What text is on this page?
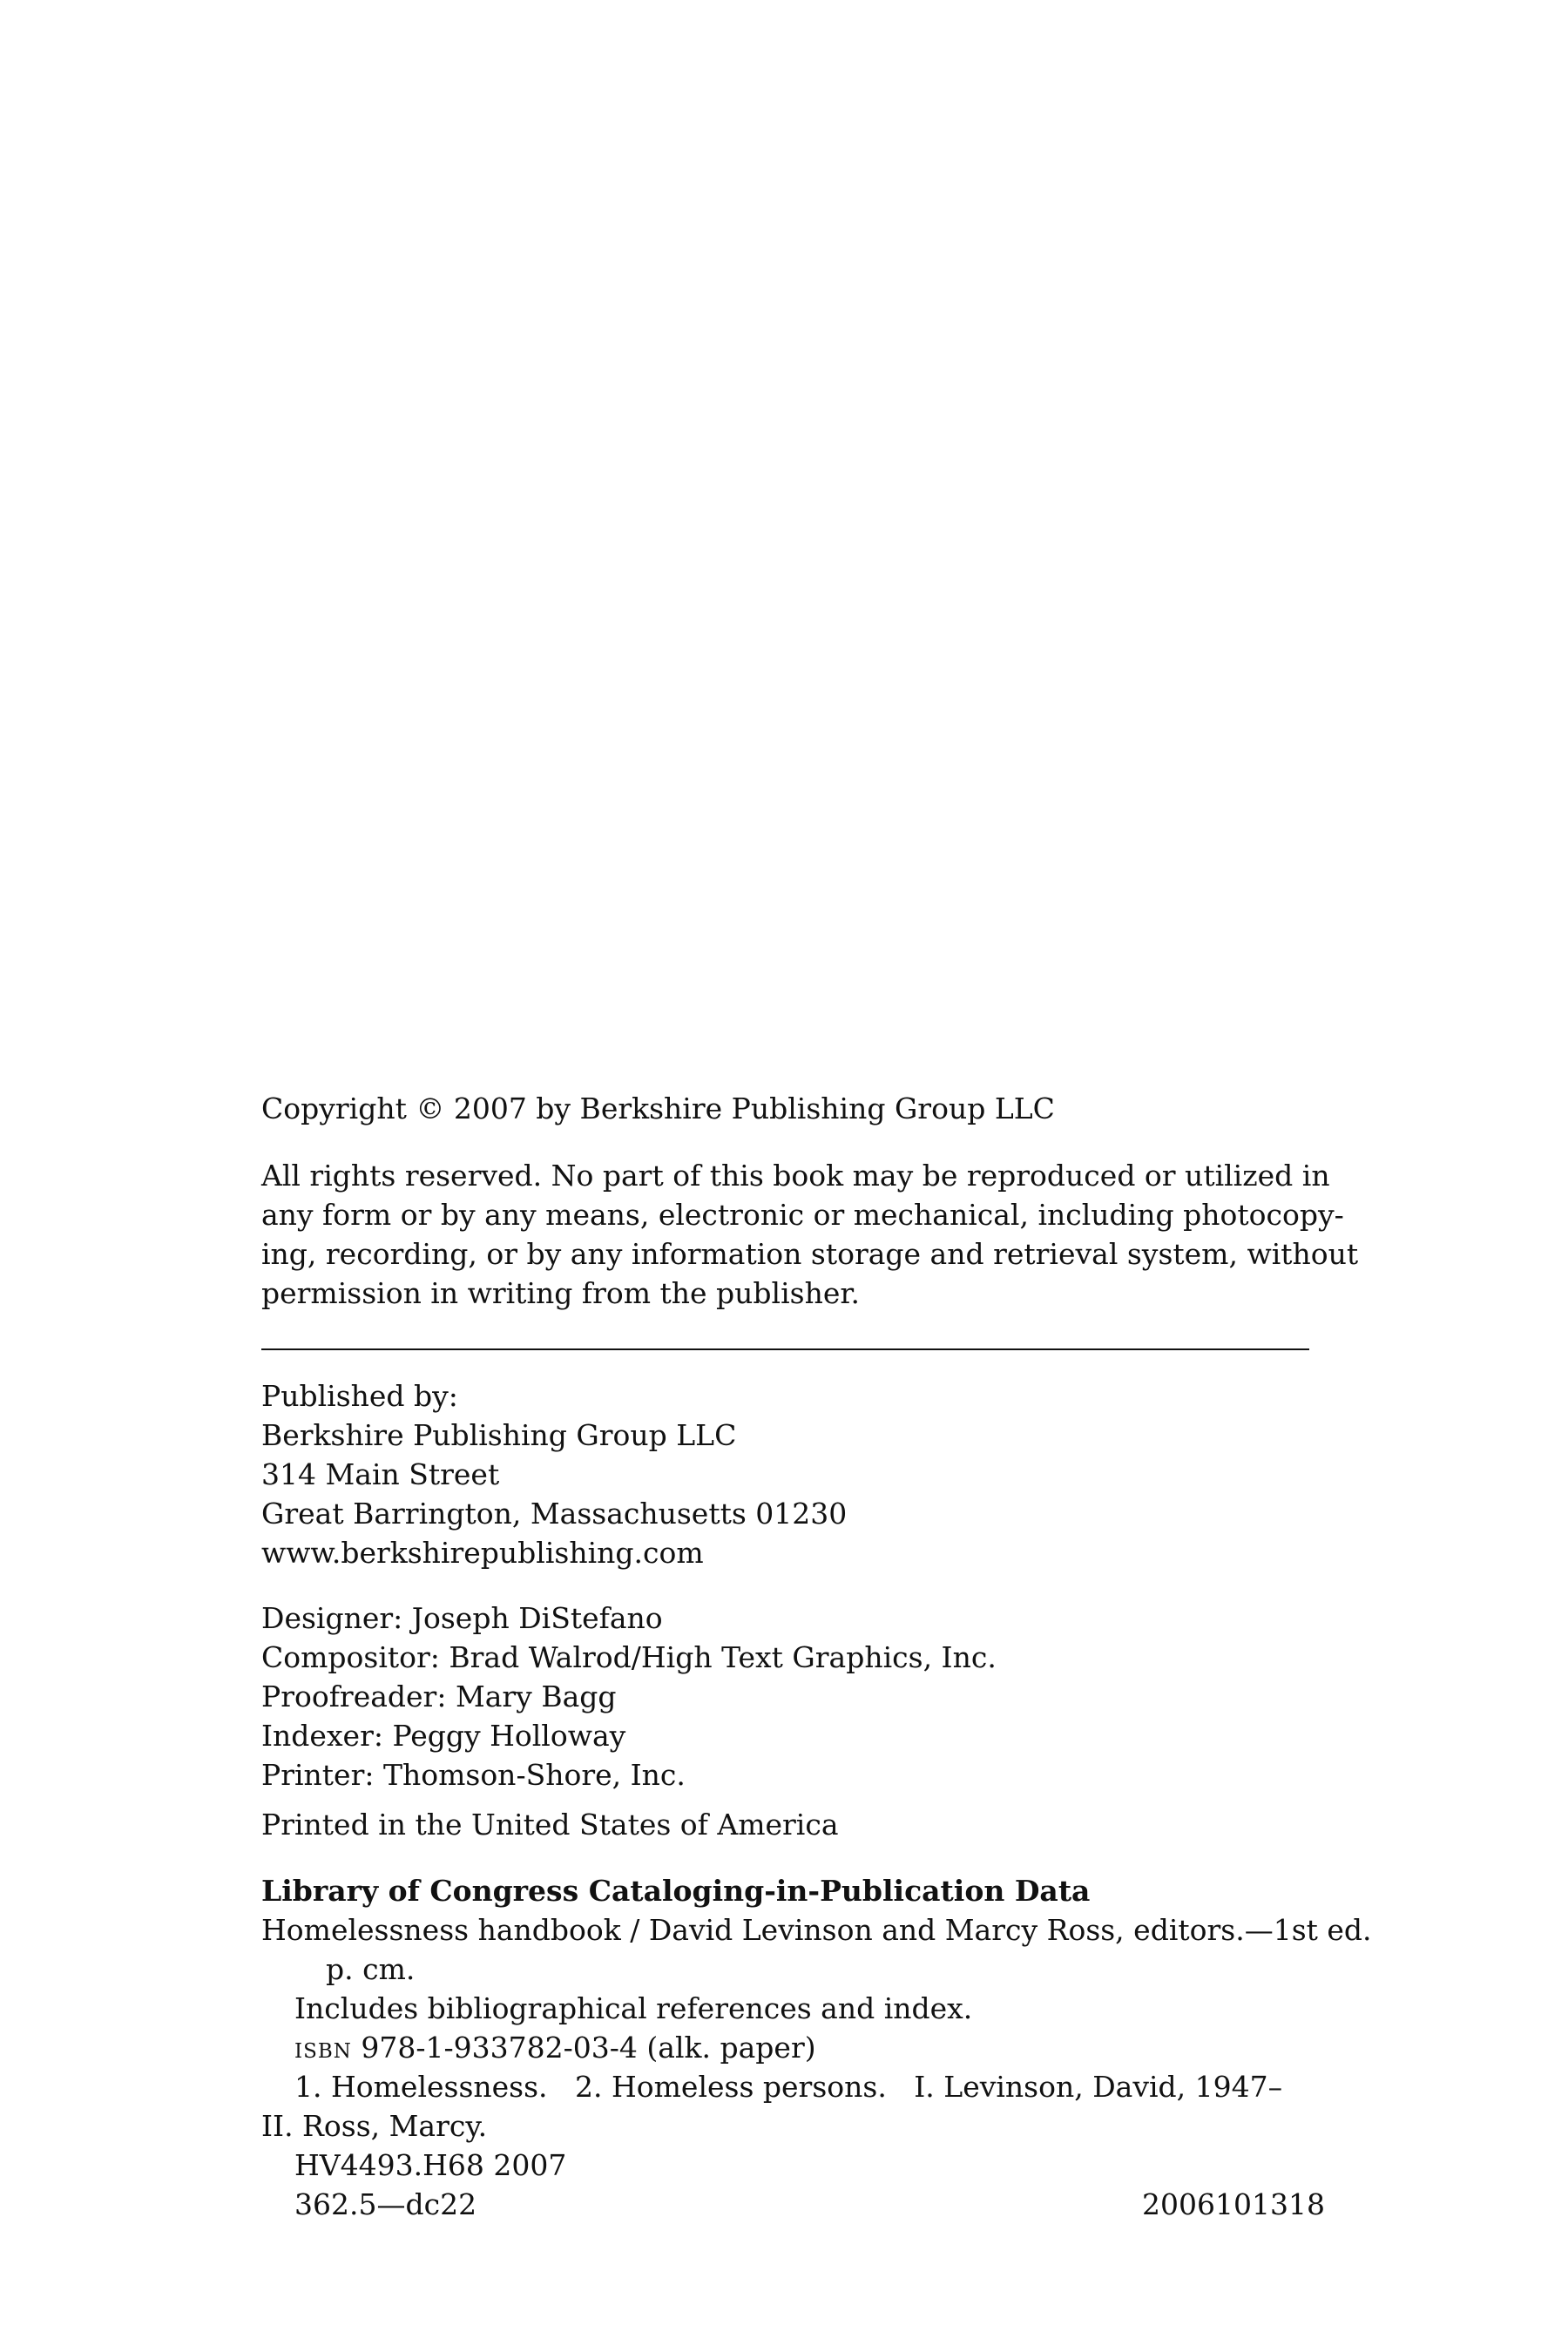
Copyright © 2007 by Berkshire Publishing Group LLC
All rights reserved. No part of this book may be reproduced or utilized in
any form or by any means, electronic or mechanical, including photocopy-
ing, recording, or by any information storage and retrieval system, without
permission in writing from the publisher.
Published by:
Berkshire Publishing Group LLC
314 Main Street
Great Barrington, Massachusetts 01230
www.berkshirepublishing.com
Designer: Joseph DiStefano
Compositor: Brad Walrod/High Text Graphics, Inc.
Proofreader: Mary Bagg
Indexer: Peggy Holloway
Printer: Thomson-Shore, Inc.
Printed in the United States of America
Library of Congress Cataloging-in-Publication Data
Homelessness handbook / David Levinson and Marcy Ross, editors.—1st ed.
p. cm.
Includes bibliographical references and index.
isbn 978-1-933782-03-4 (alk. paper)
1. Homelessness.   2. Homeless persons.   I. Levinson, David, 1947–
II. Ross, Marcy.
HV4493.H68 2007
362.5—dc22	2006101318
